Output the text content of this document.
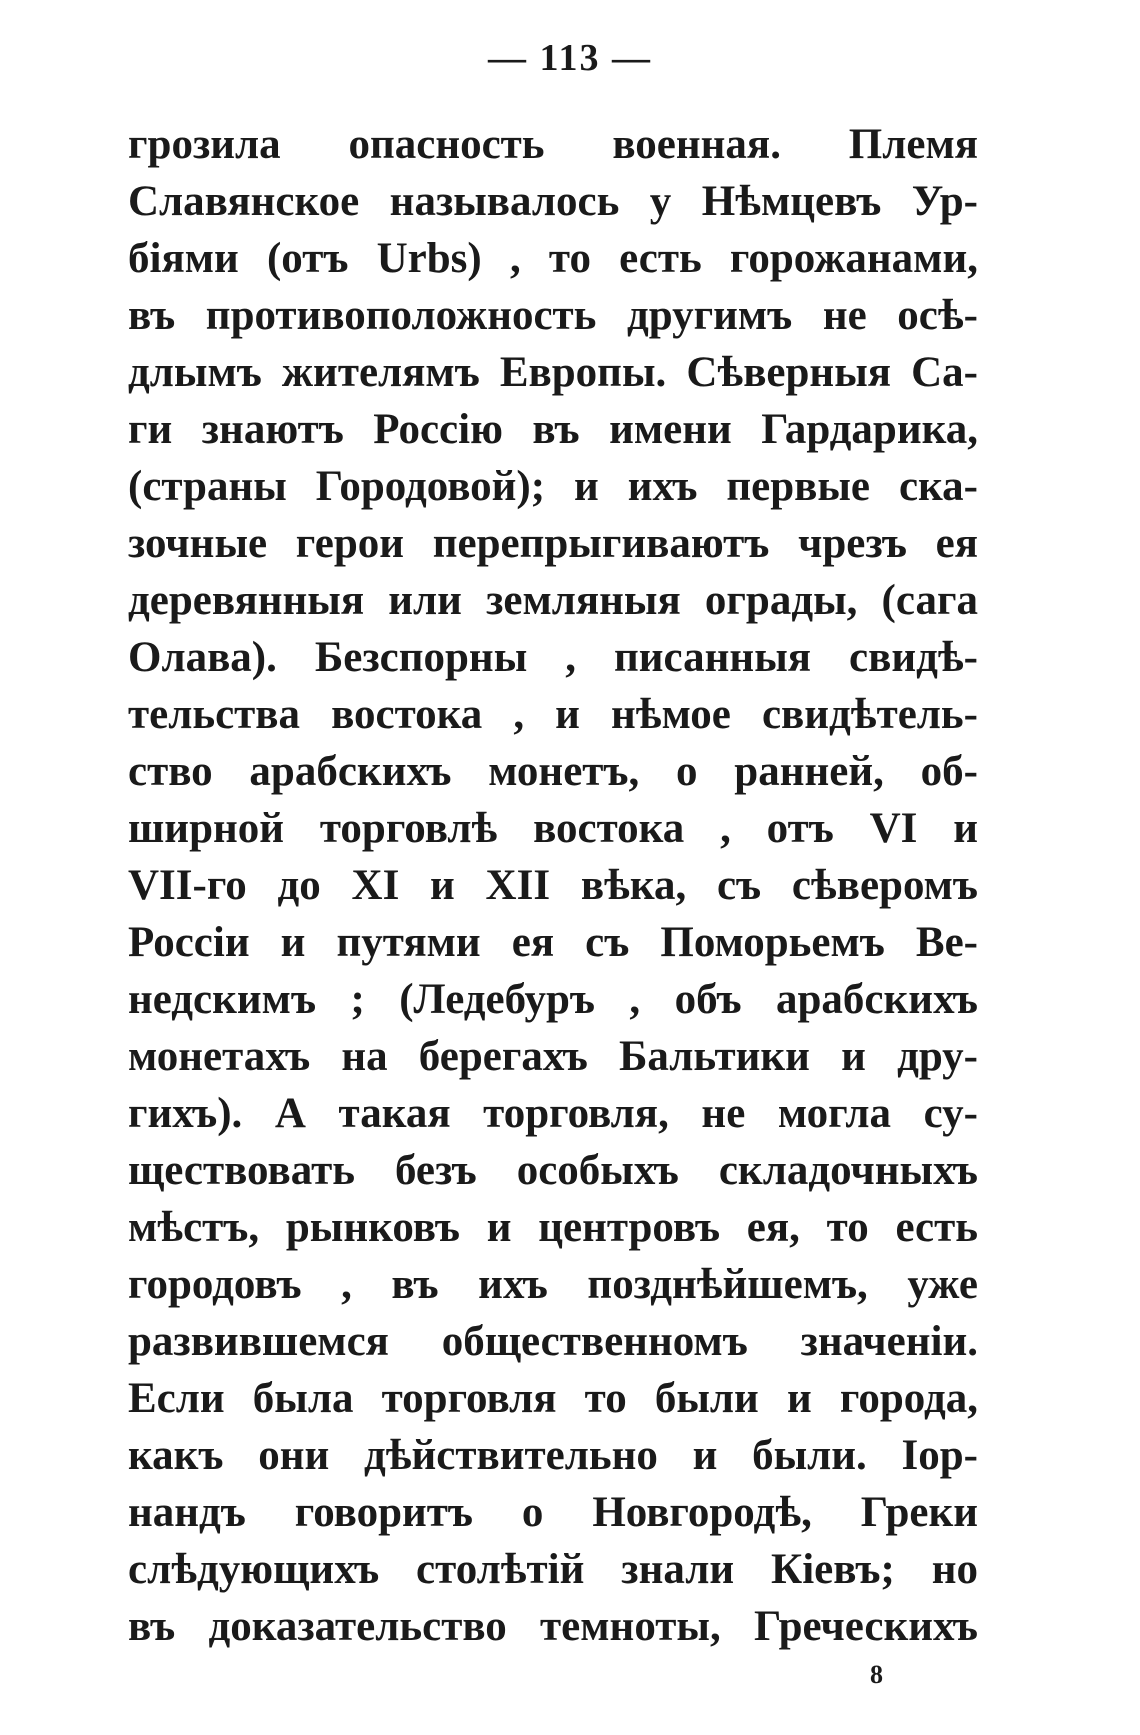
— 113 —
грозила опасность военная. Племя
Славянское называлось у Нѣмцевъ Ур-
біями (отъ Urbs) , то есть горожанами,
въ противоположность другимъ не осѣ-
длымъ жителямъ Европы. Сѣверныя Са-
ги знаютъ Россію въ имени Гардарика,
(страны Городовой); и ихъ первые ска-
зочные герои перепрыгиваютъ чрезъ ея
деревянныя или земляныя ограды, (сага
Олава). Безспорны , писанныя свидѣ-
тельства востока , и нѣмое свидѣтель-
ство арабскихъ монетъ, о ранней, об-
ширной торговлѣ востока , отъ VI и
VII-го до XI и XII вѣка, съ сѣверомъ
Россіи и путями ея съ Поморьемъ Ве-
недскимъ ; (Ледебуръ , объ арабскихъ
монетахъ на берегахъ Бальтики и дру-
гихъ). А такая торговля, не могла су-
ществовать безъ особыхъ складочныхъ
мѣстъ, рынковъ и центровъ ея, то есть
городовъ , въ ихъ позднѣйшемъ, уже
развившемся общественномъ значеніи.
Если была торговля то были и города,
какъ они дѣйствительно и были. Іор-
нандъ говоритъ о Новгородѣ, Греки
слѣдующихъ столѣтій знали Кіевъ; но
въ доказательство темноты, Греческихъ
8
